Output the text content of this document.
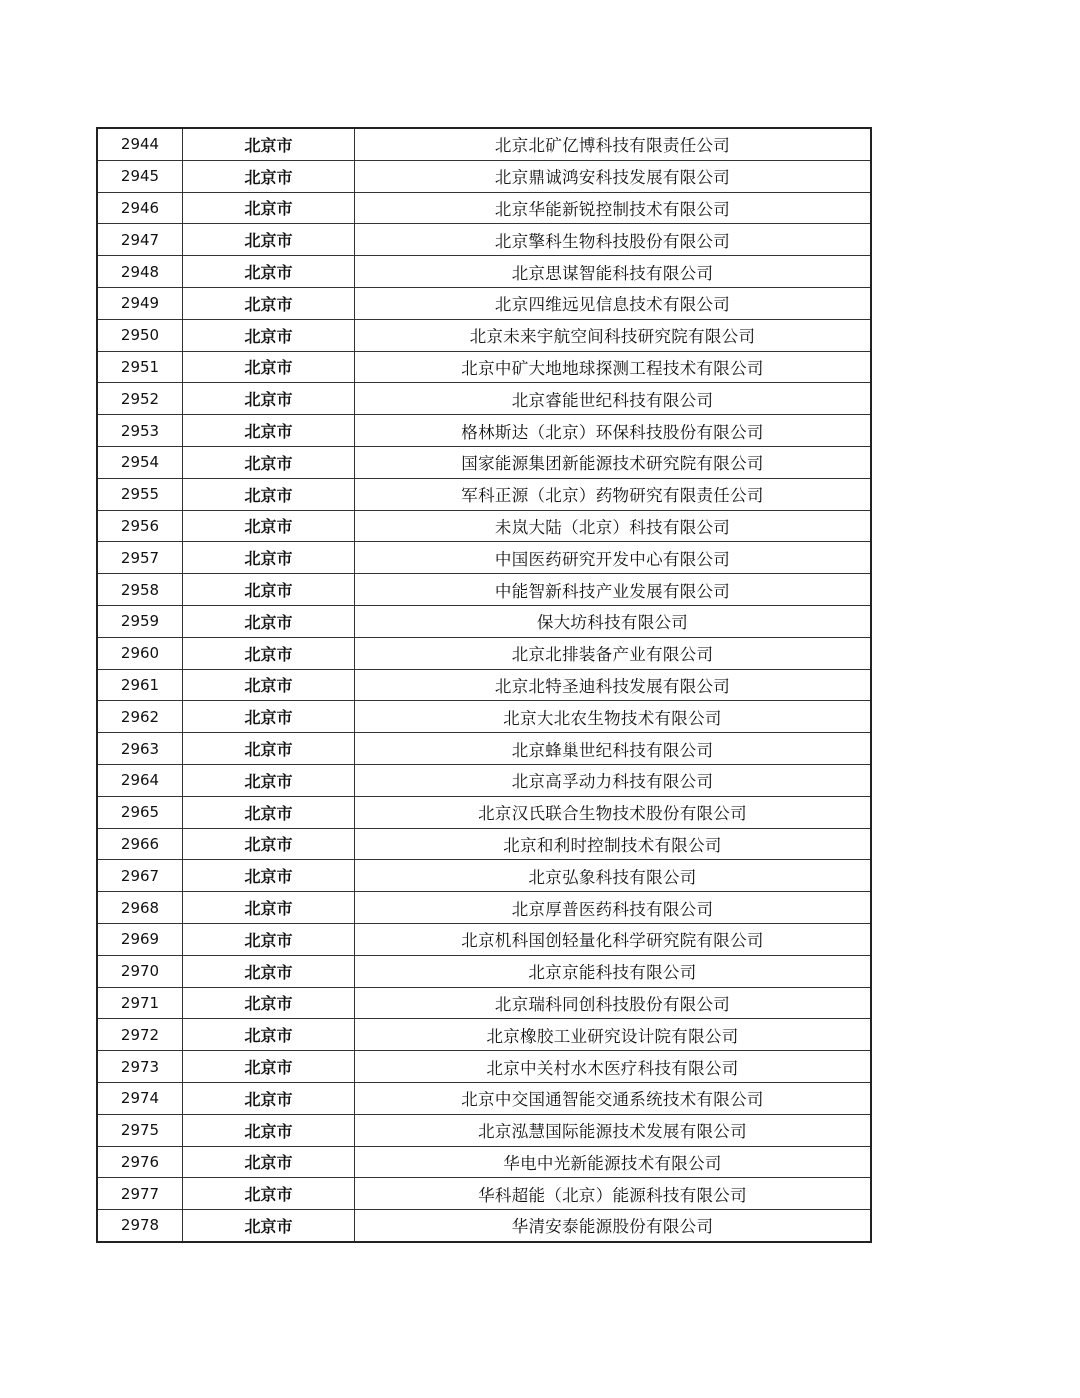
2944	北京市	北京北矿亿博科技有限责任公司
2945	北京市	北京鼎诚鸿安科技发展有限公司
2946	北京市	北京华能新锐控制技术有限公司
2947	北京市	北京擎科生物科技股份有限公司
2948	北京市	北京思谋智能科技有限公司
2949	北京市	北京四维远见信息技术有限公司
2950	北京市	北京未来宇航空间科技研究院有限公司
2951	北京市	北京中矿大地地球探测工程技术有限公司
2952	北京市	北京睿能世纪科技有限公司
2953	北京市	格林斯达（北京）环保科技股份有限公司
2954	北京市	国家能源集团新能源技术研究院有限公司
2955	北京市	军科正源（北京）药物研究有限责任公司
2956	北京市	未岚大陆（北京）科技有限公司
2957	北京市	中国医药研究开发中心有限公司
2958	北京市	中能智新科技产业发展有限公司
2959	北京市	保大坊科技有限公司
2960	北京市	北京北排装备产业有限公司
2961	北京市	北京北特圣迪科技发展有限公司
2962	北京市	北京大北农生物技术有限公司
2963	北京市	北京蜂巢世纪科技有限公司
2964	北京市	北京高孚动力科技有限公司
2965	北京市	北京汉氏联合生物技术股份有限公司
2966	北京市	北京和利时控制技术有限公司
2967	北京市	北京弘象科技有限公司
2968	北京市	北京厚普医药科技有限公司
2969	北京市	北京机科国创轻量化科学研究院有限公司
2970	北京市	北京京能科技有限公司
2971	北京市	北京瑞科同创科技股份有限公司
2972	北京市	北京橡胶工业研究设计院有限公司
2973	北京市	北京中关村水木医疗科技有限公司
2974	北京市	北京中交国通智能交通系统技术有限公司
2975	北京市	北京泓慧国际能源技术发展有限公司
2976	北京市	华电中光新能源技术有限公司
2977	北京市	华科超能（北京）能源科技有限公司
2978	北京市	华清安泰能源股份有限公司
